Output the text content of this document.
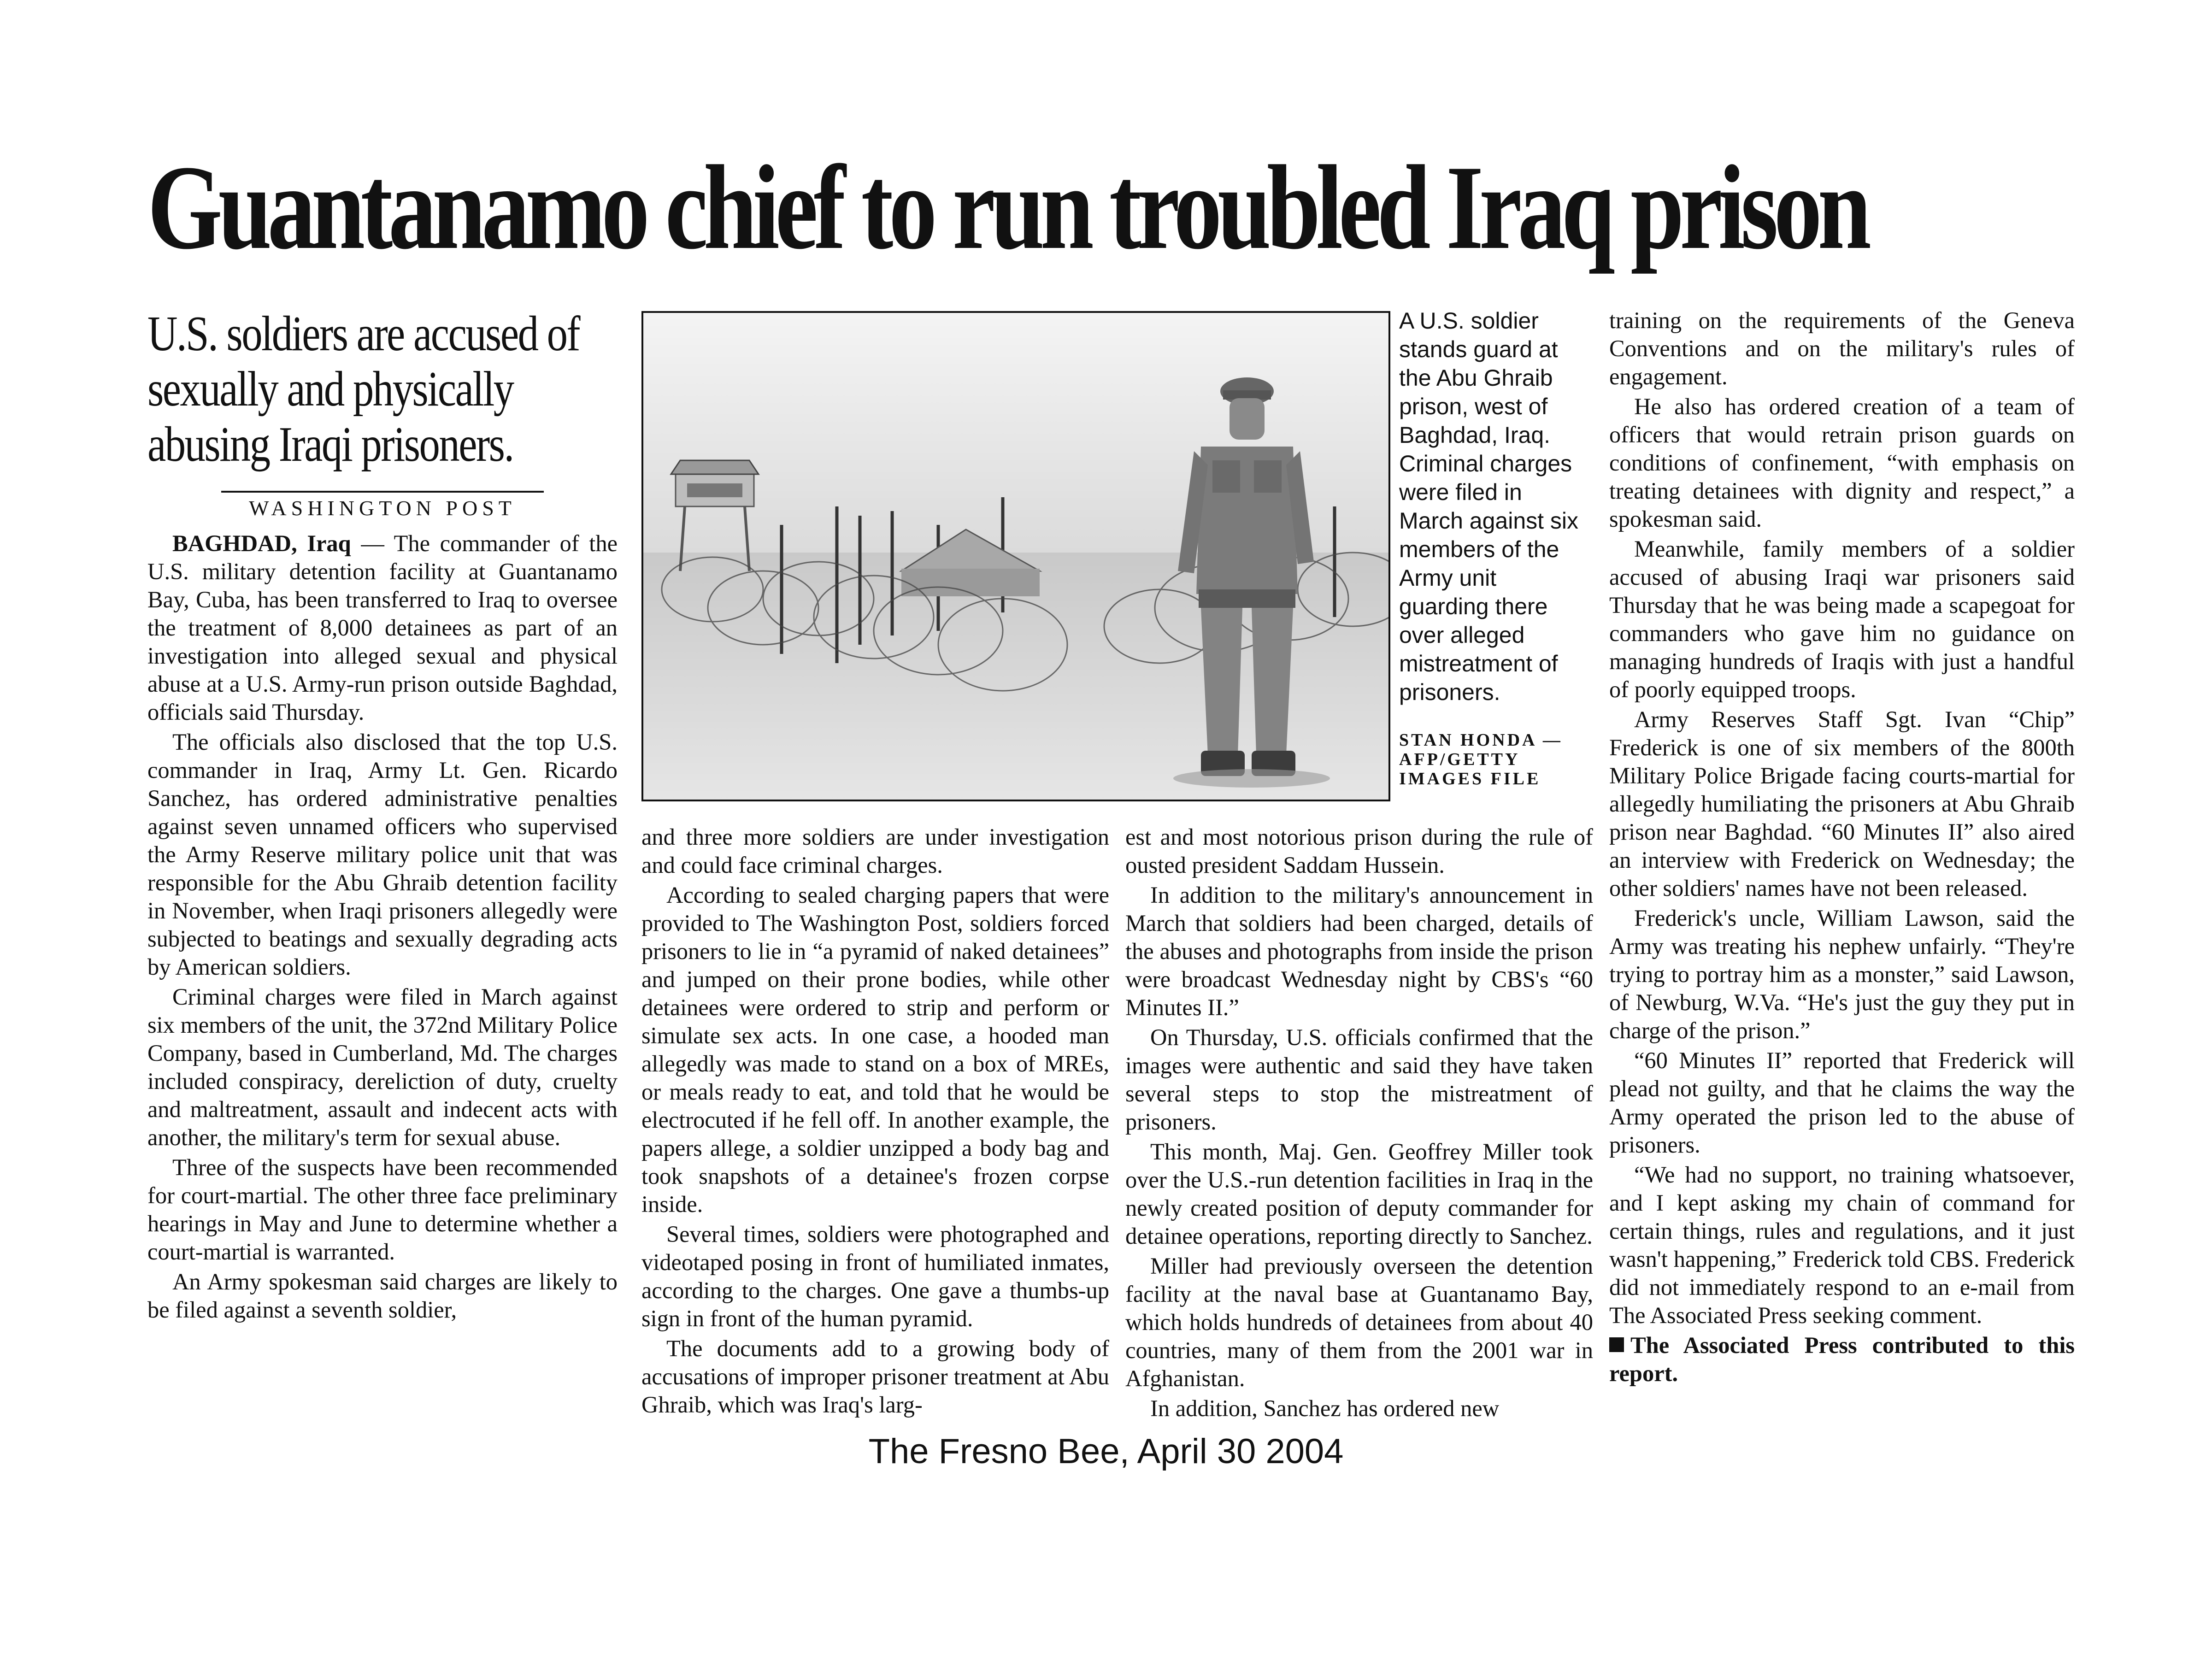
Guantanamo chief to run troubled Iraq prison
U.S. soldiers are accused of sexually and physically abusing Iraqi prisoners.
WASHINGTON POST

BAGHDAD, Iraq — The commander of the U.S. military detention facility at Guantanamo Bay, Cuba, has been transferred to Iraq to oversee the treatment of 8,000 detainees as part of an investigation into alleged sexual and physical abuse at a U.S. Army-run prison outside Baghdad, officials said Thursday.

The officials also disclosed that the top U.S. commander in Iraq, Army Lt. Gen. Ricardo Sanchez, has ordered administrative penalties against seven unnamed officers who supervised the Army Reserve military police unit that was responsible for the Abu Ghraib detention facility in November, when Iraqi prisoners allegedly were subjected to beatings and sexually degrading acts by American soldiers.

Criminal charges were filed in March against six members of the unit, the 372nd Military Police Company, based in Cumberland, Md. The charges included conspiracy, dereliction of duty, cruelty and maltreatment, assault and indecent acts with another, the military's term for sexual abuse.

Three of the suspects have been recommended for court-martial. The other three face preliminary hearings in May and June to determine whether a court-martial is warranted.

An Army spokesman said charges are likely to be filed against a seventh soldier,

A U.S. soldier stands guard at the Abu Ghraib prison, west of Baghdad, Iraq. Criminal charges were filed in March against six members of the Army unit guarding there over alleged mistreatment of prisoners.
STAN HONDA — AFP/GETTY IMAGES FILE

and three more soldiers are under investigation and could face criminal charges.

According to sealed charging papers that were provided to The Washington Post, soldiers forced prisoners to lie in “a pyramid of naked detainees” and jumped on their prone bodies, while other detainees were ordered to strip and perform or simulate sex acts. In one case, a hooded man allegedly was made to stand on a box of MREs, or meals ready to eat, and told that he would be electrocuted if he fell off. In another example, the papers allege, a soldier unzipped a body bag and took snapshots of a detainee's frozen corpse inside.

Several times, soldiers were photographed and videotaped posing in front of humiliated inmates, according to the charges. One gave a thumbs-up sign in front of the human pyramid.

The documents add to a growing body of accusations of improper prisoner treatment at Abu Ghraib, which was Iraq's larg-

est and most notorious prison during the rule of ousted president Saddam Hussein.

In addition to the military's announcement in March that soldiers had been charged, details of the abuses and photographs from inside the prison were broadcast Wednesday night by CBS's “60 Minutes II.”

On Thursday, U.S. officials confirmed that the images were authentic and said they have taken several steps to stop the mistreatment of prisoners.

This month, Maj. Gen. Geoffrey Miller took over the U.S.-run detention facilities in Iraq in the newly created position of deputy commander for detainee operations, reporting directly to Sanchez.

Miller had previously overseen the detention facility at the naval base at Guantanamo Bay, which holds hundreds of detainees from about 40 countries, many of them from the 2001 war in Afghanistan.

In addition, Sanchez has ordered new

training on the requirements of the Geneva Conventions and on the military's rules of engagement.

He also has ordered creation of a team of officers that would retrain prison guards on conditions of confinement, “with emphasis on treating detainees with dignity and respect,” a spokesman said.

Meanwhile, family members of a soldier accused of abusing Iraqi war prisoners said Thursday that he was being made a scapegoat for commanders who gave him no guidance on managing hundreds of Iraqis with just a handful of poorly equipped troops.

Army Reserves Staff Sgt. Ivan “Chip” Frederick is one of six members of the 800th Military Police Brigade facing courts-martial for allegedly humiliating the prisoners at Abu Ghraib prison near Baghdad. “60 Minutes II” also aired an interview with Frederick on Wednesday; the other soldiers' names have not been released.

Frederick's uncle, William Lawson, said the Army was treating his nephew unfairly. “They're trying to portray him as a monster,” said Lawson, of Newburg, W.Va. “He's just the guy they put in charge of the prison.”

“60 Minutes II” reported that Frederick will plead not guilty, and that he claims the way the Army operated the prison led to the abuse of prisoners.

“We had no support, no training whatsoever, and I kept asking my chain of command for certain things, rules and regulations, and it just wasn't happening,” Frederick told CBS. Frederick did not immediately respond to an e-mail from The Associated Press seeking comment.

The Associated Press contributed to this report.

The Fresno Bee, April 30 2004
